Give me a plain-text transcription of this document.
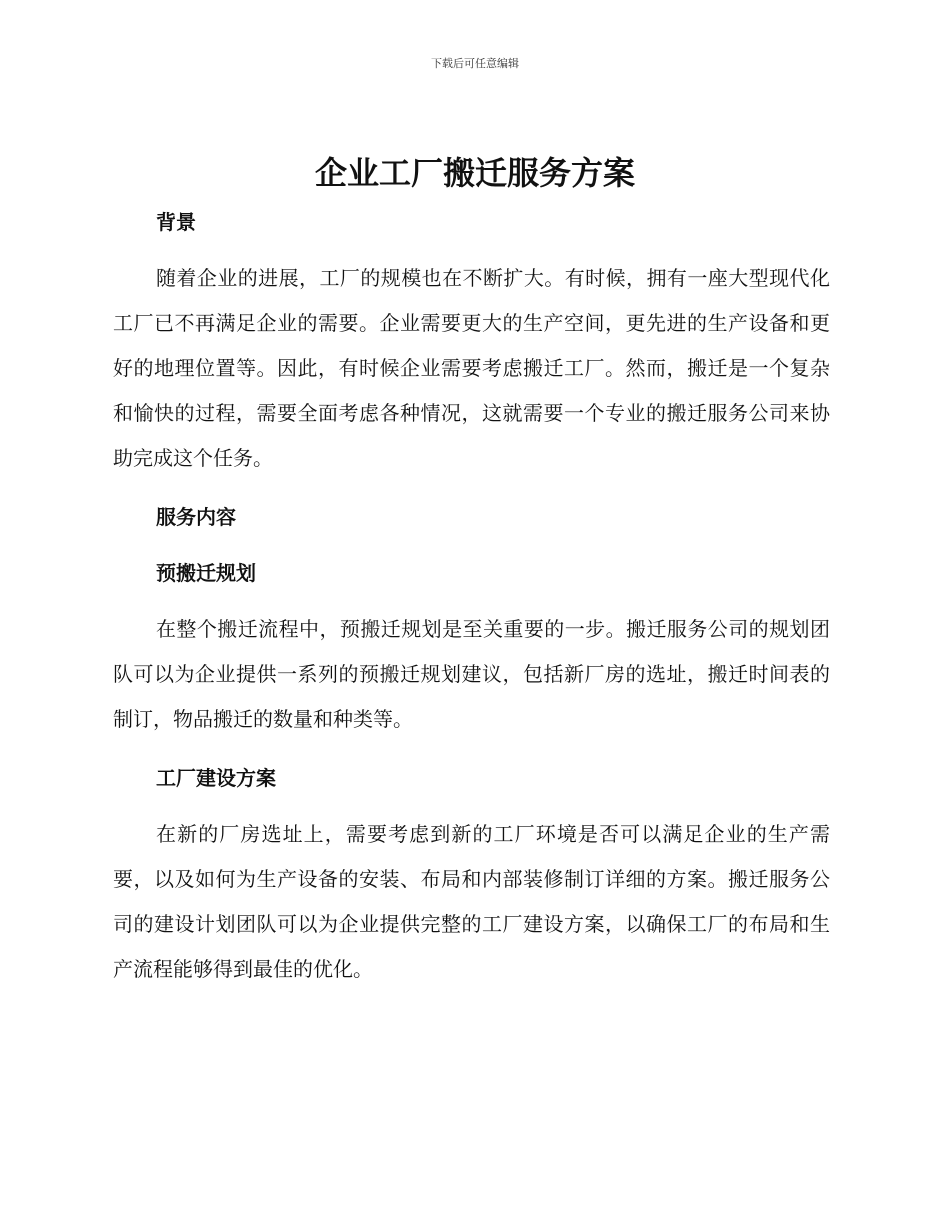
下载后可任意编辑
企业工厂搬迁服务方案
背景

随着企业的进展，工厂的规模也在不断扩大。有时候，拥有一座大型现代化工厂已不再满足企业的需要。企业需要更大的生产空间，更先进的生产设备和更好的地理位置等。因此，有时候企业需要考虑搬迁工厂。然而，搬迁是一个复杂和愉快的过程，需要全面考虑各种情况，这就需要一个专业的搬迁服务公司来协助完成这个任务。

服务内容
预搬迁规划

在整个搬迁流程中，预搬迁规划是至关重要的一步。搬迁服务公司的规划团队可以为企业提供一系列的预搬迁规划建议，包括新厂房的选址，搬迁时间表的制订，物品搬迁的数量和种类等。

工厂建设方案

在新的厂房选址上，需要考虑到新的工厂环境是否可以满足企业的生产需要，以及如何为生产设备的安装、布局和内部装修制订详细的方案。搬迁服务公司的建设计划团队可以为企业提供完整的工厂建设方案，以确保工厂的布局和生产流程能够得到最佳的优化。
